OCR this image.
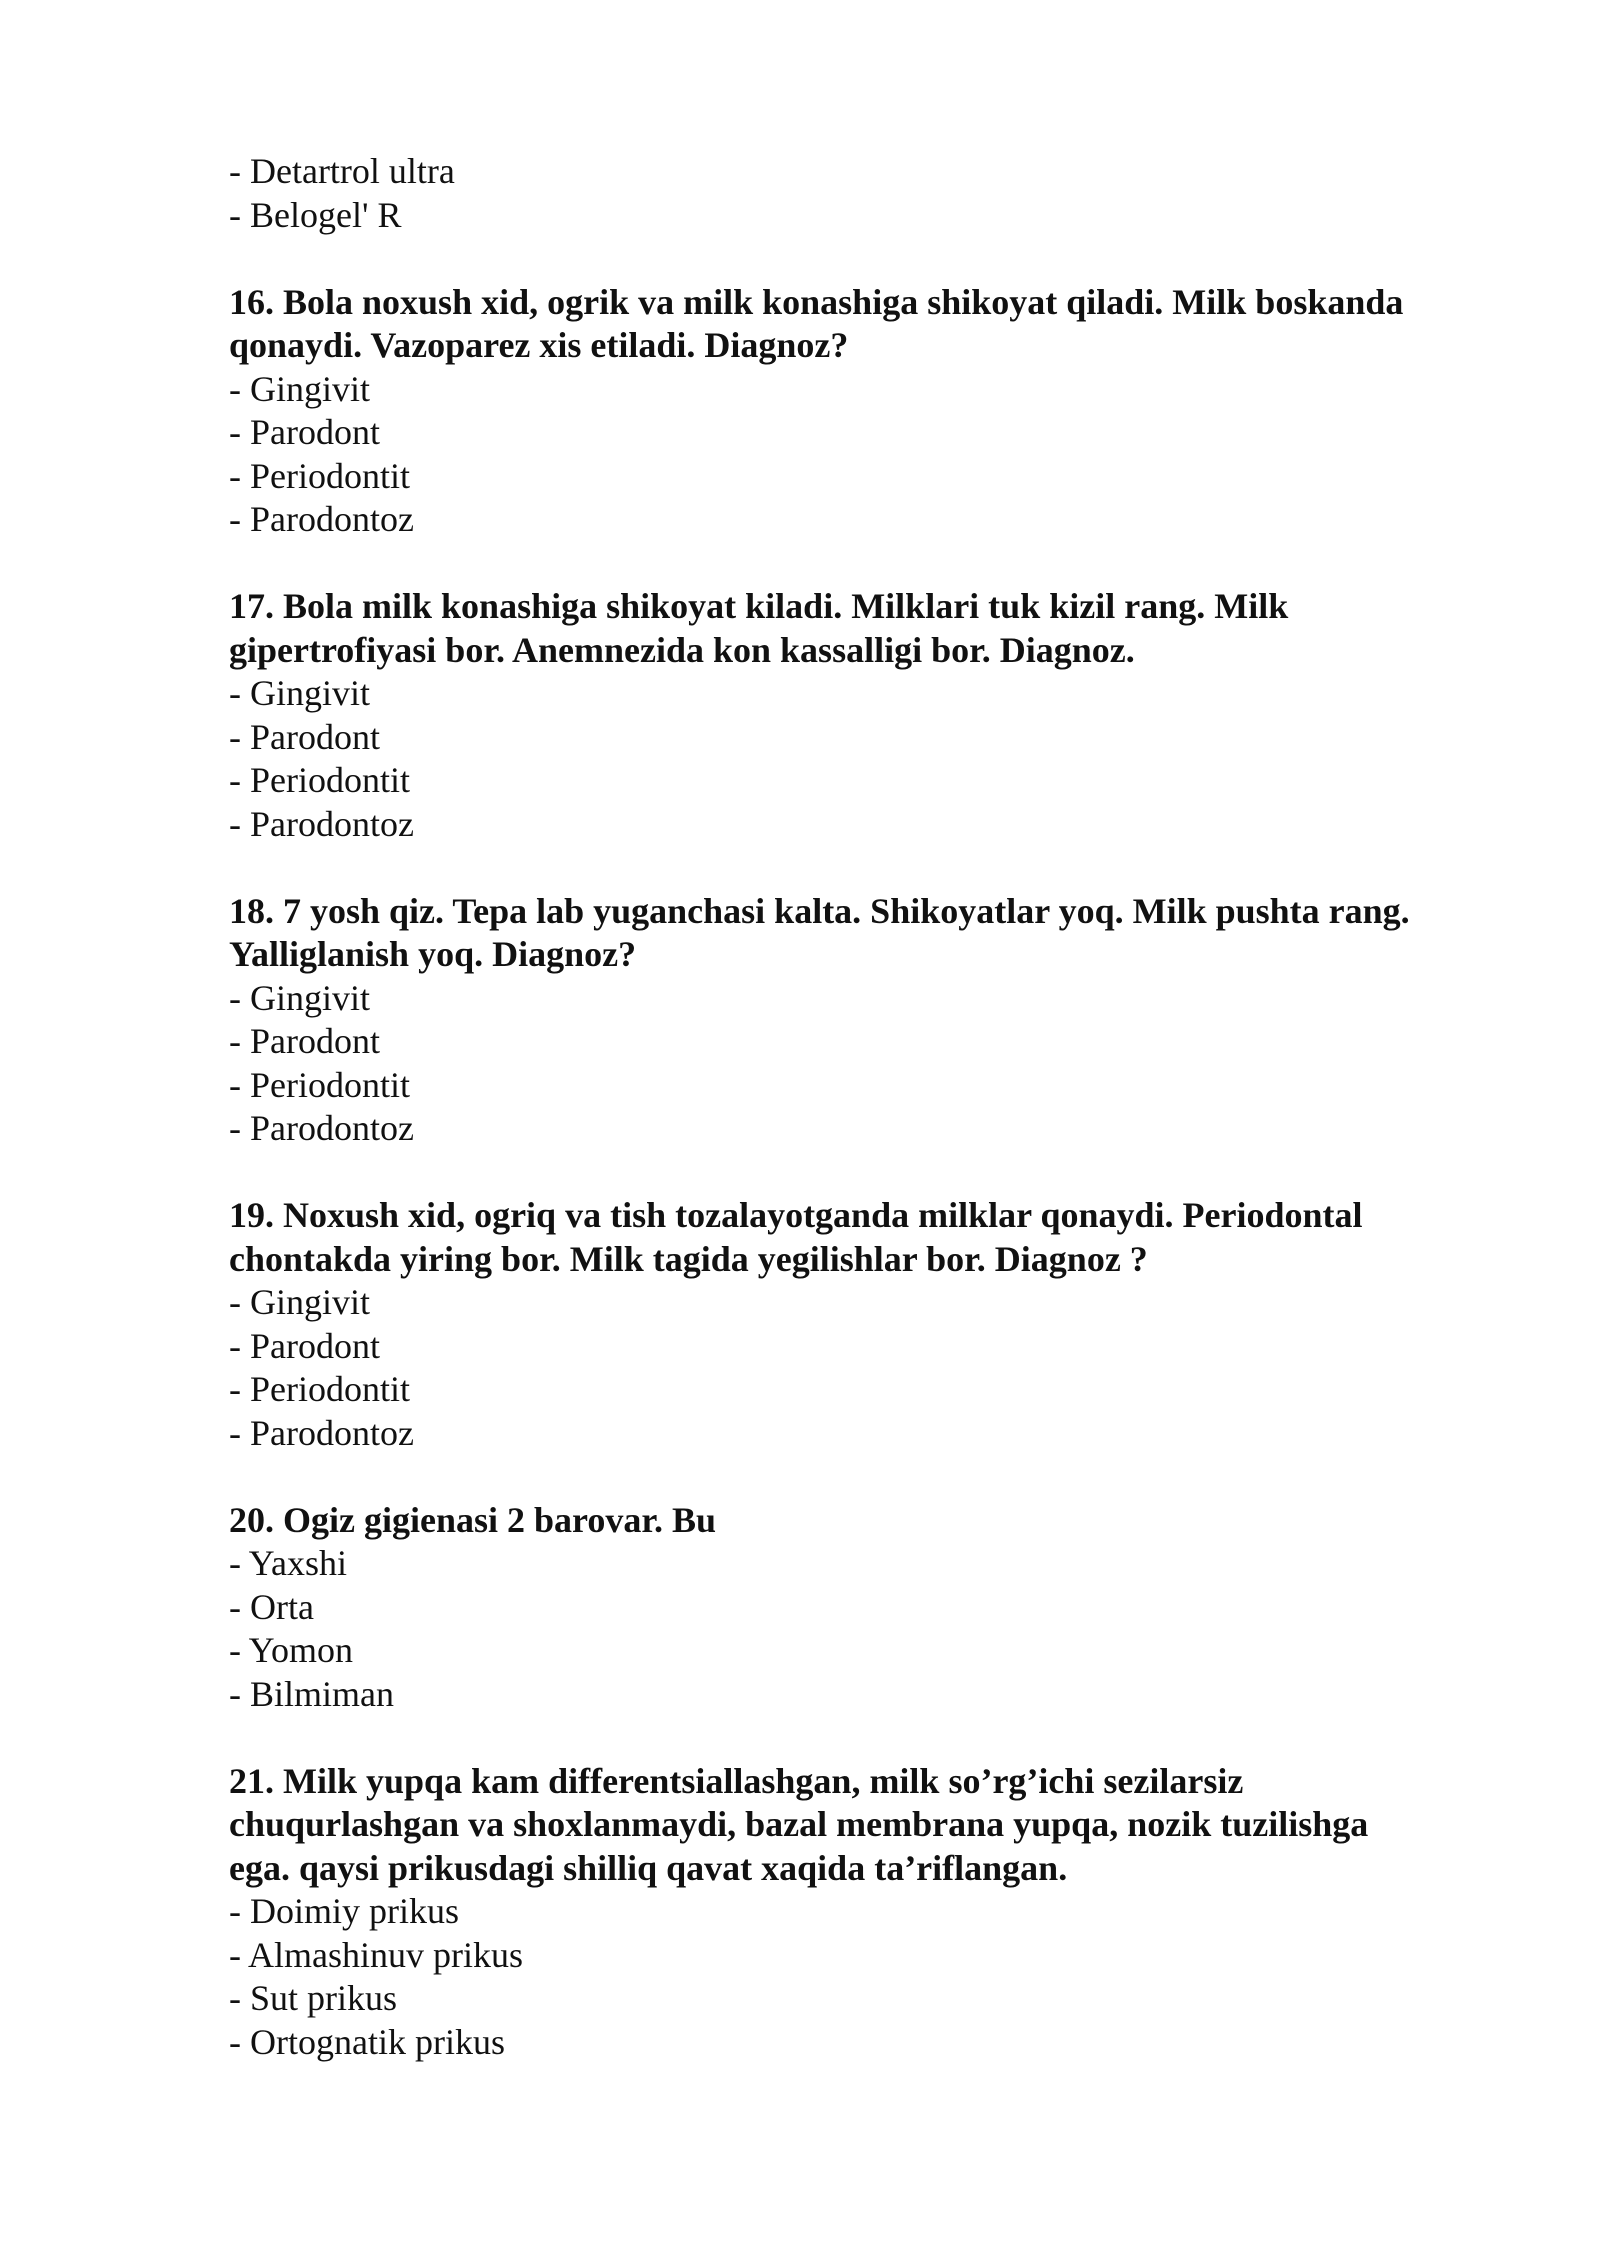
- Detartrol ultra
- Belogel' R
16. Bola noxush xid, ogrik va milk konashiga shikoyat qiladi. Milk boskanda
qonaydi. Vazoparez xis etiladi. Diagnoz?
- Gingivit
- Parodont
- Periodontit
- Parodontoz
17. Bola milk konashiga shikoyat kiladi. Milklari tuk kizil rang. Milk
gipertrofiyasi bor. Anemnezida kon kassalligi bor. Diagnoz.
- Gingivit
- Parodont
- Periodontit
- Parodontoz
18. 7 yosh qiz. Tepa lab yuganchasi kalta. Shikoyatlar yoq. Milk pushta rang.
Yalliglanish yoq. Diagnoz?
- Gingivit
- Parodont
- Periodontit
- Parodontoz
19. Noxush xid, ogriq va tish tozalayotganda milklar qonaydi. Periodontal
chontakda yiring bor. Milk tagida yegilishlar bor. Diagnoz ?
- Gingivit
- Parodont
- Periodontit
- Parodontoz
20. Ogiz gigienasi 2 barovar. Bu
- Yaxshi
- Orta
- Yomon
- Bilmiman
21. Milk yupqa kam differentsiallashgan, milk so’rg’ichi sezilarsiz
chuqurlashgan va shoxlanmaydi, bazal membrana yupqa, nozik tuzilishga
ega. qaysi prikusdagi shilliq qavat xaqida ta’riflangan.
- Doimiy prikus
- Almashinuv prikus
- Sut prikus
- Ortognatik prikus
